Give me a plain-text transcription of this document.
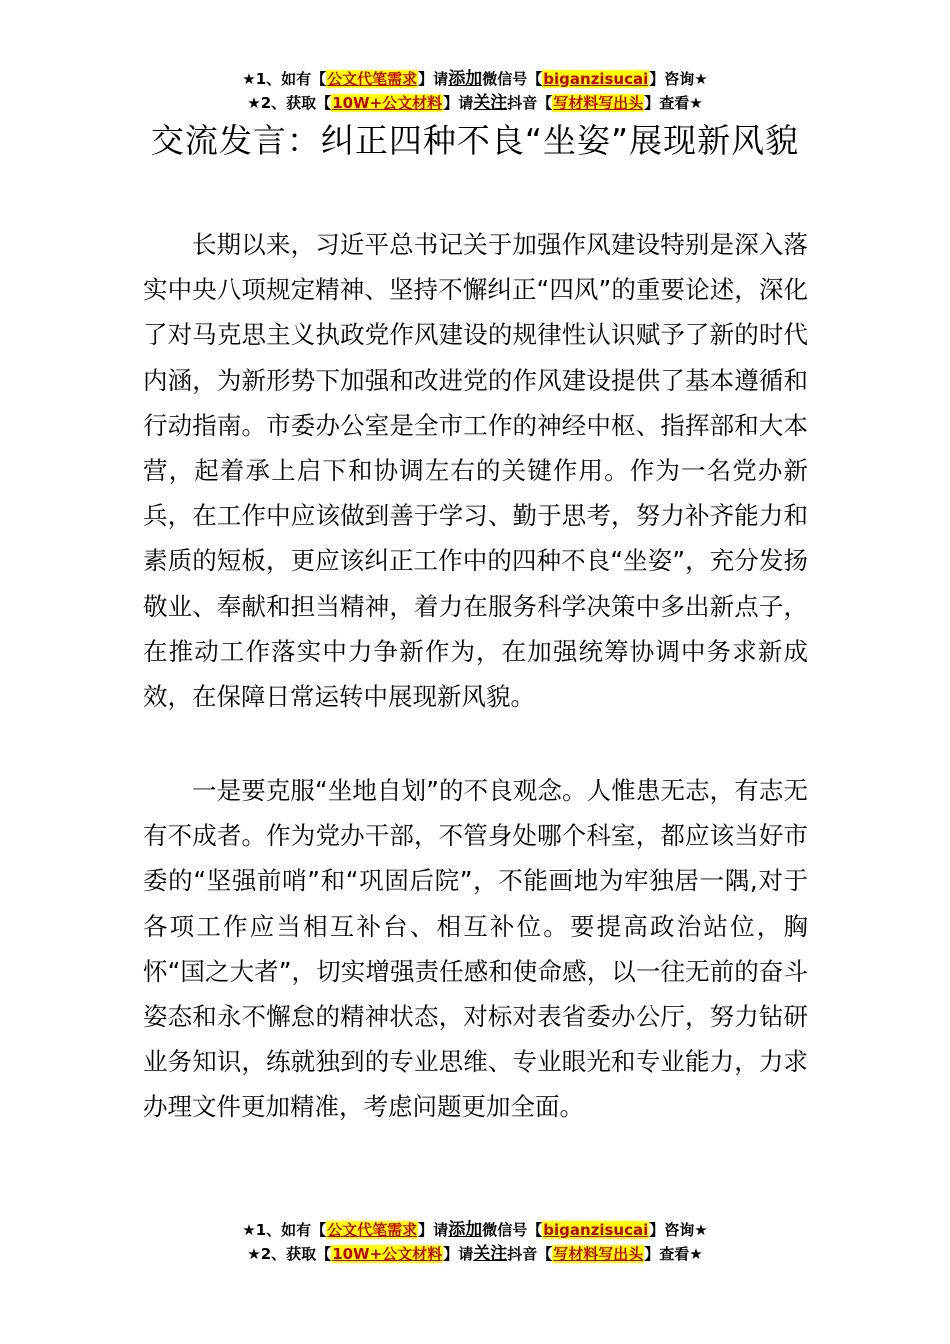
★1、如有【公文代笔需求】请添加微信号【biganzisucai】咨询★
★2、获取【10W+公文材料】请关注抖音【写材料写出头】查看★
交流发言：纠正四种不良“坐姿”展现新风貌

长期以来，习近平总书记关于加强作风建设特别是深入落实中央八项规定精神、坚持不懈纠正“四风”的重要论述，深化了对马克思主义执政党作风建设的规律性认识赋予了新的时代内涵，为新形势下加强和改进党的作风建设提供了基本遵循和行动指南。市委办公室是全市工作的神经中枢、指挥部和大本营，起着承上启下和协调左右的关键作用。作为一名党办新兵，在工作中应该做到善于学习、勤于思考，努力补齐能力和素质的短板，更应该纠正工作中的四种不良“坐姿”，充分发扬敬业、奉献和担当精神，着力在服务科学决策中多出新点子，在推动工作落实中力争新作为，在加强统筹协调中务求新成效，在保障日常运转中展现新风貌。

一是要克服“坐地自划”的不良观念。人惟患无志，有志无有不成者。作为党办干部，不管身处哪个科室，都应该当好市委的“坚强前哨”和“巩固后院”，不能画地为牢独居一隅,对于各项工作应当相互补台、相互补位。要提高政治站位，胸怀“国之大者”，切实增强责任感和使命感，以一往无前的奋斗姿态和永不懈怠的精神状态，对标对表省委办公厅，努力钻研业务知识，练就独到的专业思维、专业眼光和专业能力，力求办理文件更加精准，考虑问题更加全面。

★1、如有【公文代笔需求】请添加微信号【biganzisucai】咨询★
★2、获取【10W+公文材料】请关注抖音【写材料写出头】查看★
